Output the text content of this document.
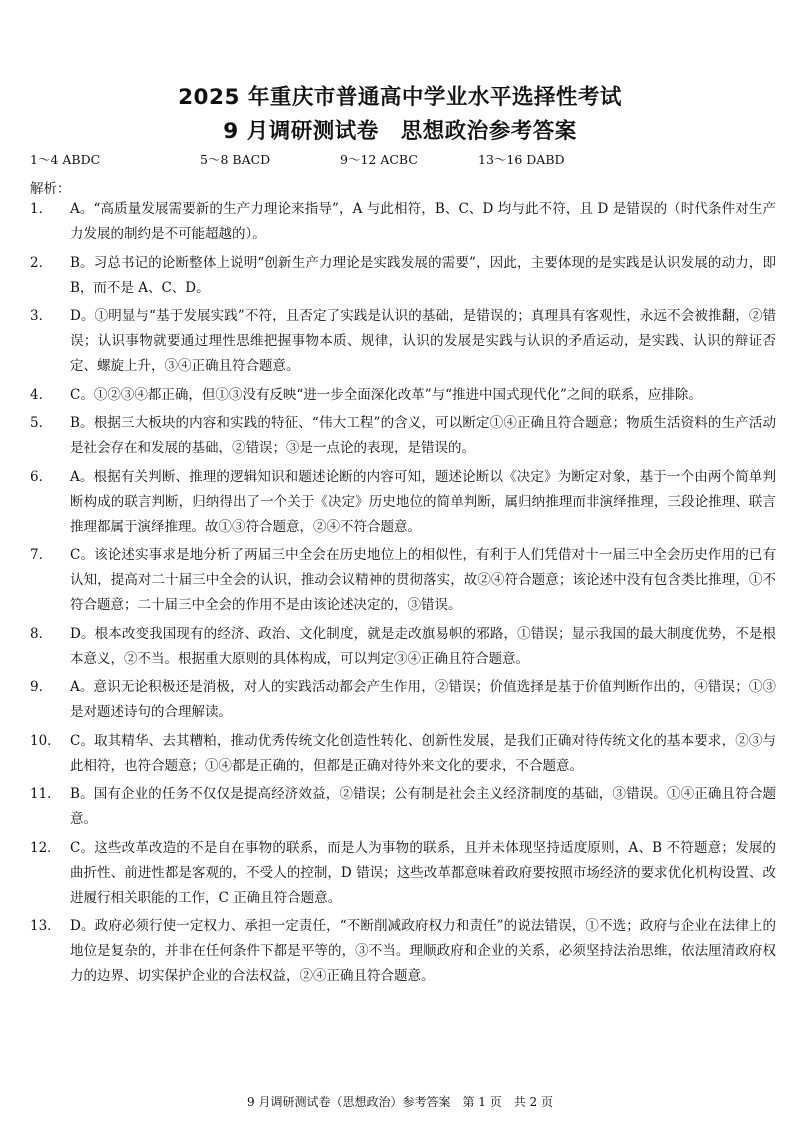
2025 年重庆市普通高中学业水平选择性考试
9 月调研测试卷　思想政治参考答案
1～4 ABDC	5～8 BACD	9～12 ACBC	13～16 DABD
解析：
1． A。“高质量发展需要新的生产力理论来指导”，A 与此相符，B、C、D 均与此不符，且 D 是错误的（时代条件对生产力发展的制约是不可能超越的）。
2． B。习总书记的论断整体上说明“创新生产力理论是实践发展的需要”，因此，主要体现的是实践是认识发展的动力，即 B，而不是 A、C、D。
3． D。①明显与“基于发展实践”不符，且否定了实践是认识的基础，是错误的；真理具有客观性，永远不会被推翻，②错误；认识事物就要通过理性思维把握事物本质、规律，认识的发展是实践与认识的矛盾运动，是实践、认识的辩证否定、螺旋上升，③④正确且符合题意。
4． C。①②③④都正确，但①③没有反映“进一步全面深化改革”与“推进中国式现代化”之间的联系，应排除。
5． B。根据三大板块的内容和实践的特征、“伟大工程”的含义，可以断定①④正确且符合题意；物质生活资料的生产活动是社会存在和发展的基础，②错误；③是一点论的表现，是错误的。
6． A。根据有关判断、推理的逻辑知识和题述论断的内容可知，题述论断以《决定》为断定对象，基于一个由两个简单判断构成的联言判断，归纳得出了一个关于《决定》历史地位的简单判断，属归纳推理而非演绎推理，三段论推理、联言推理都属于演绎推理。故①③符合题意，②④不符合题意。
7． C。该论述实事求是地分析了两届三中全会在历史地位上的相似性，有利于人们凭借对十一届三中全会历史作用的已有认知，提高对二十届三中全会的认识，推动会议精神的贯彻落实，故②④符合题意；该论述中没有包含类比推理，①不符合题意；二十届三中全会的作用不是由该论述决定的，③错误。
8． D。根本改变我国现有的经济、政治、文化制度，就是走改旗易帜的邪路，①错误；显示我国的最大制度优势，不是根本意义，②不当。根据重大原则的具体构成，可以判定③④正确且符合题意。
9． A。意识无论积极还是消极，对人的实践活动都会产生作用，②错误；价值选择是基于价值判断作出的，④错误；①③是对题述诗句的合理解读。
10． C。取其精华、去其糟粕，推动优秀传统文化创造性转化、创新性发展，是我们正确对待传统文化的基本要求，②③与此相符，也符合题意；①④都是正确的，但都是正确对待外来文化的要求，不合题意。
11． B。国有企业的任务不仅仅是提高经济效益，②错误；公有制是社会主义经济制度的基础，③错误。①④正确且符合题意。
12． C。这些改革改造的不是自在事物的联系，而是人为事物的联系，且并未体现坚持适度原则，A、B 不符题意；发展的曲折性、前进性都是客观的，不受人的控制，D 错误；这些改革都意味着政府要按照市场经济的要求优化机构设置、改进履行相关职能的工作，C 正确且符合题意。
13． D。政府必须行使一定权力、承担一定责任，“不断削减政府权力和责任”的说法错误，①不选；政府与企业在法律上的地位是复杂的，并非在任何条件下都是平等的，③不当。理顺政府和企业的关系，必须坚持法治思维，依法厘清政府权力的边界、切实保护企业的合法权益，②④正确且符合题意。
9 月调研测试卷（思想政治）参考答案　第 1 页　共 2 页
